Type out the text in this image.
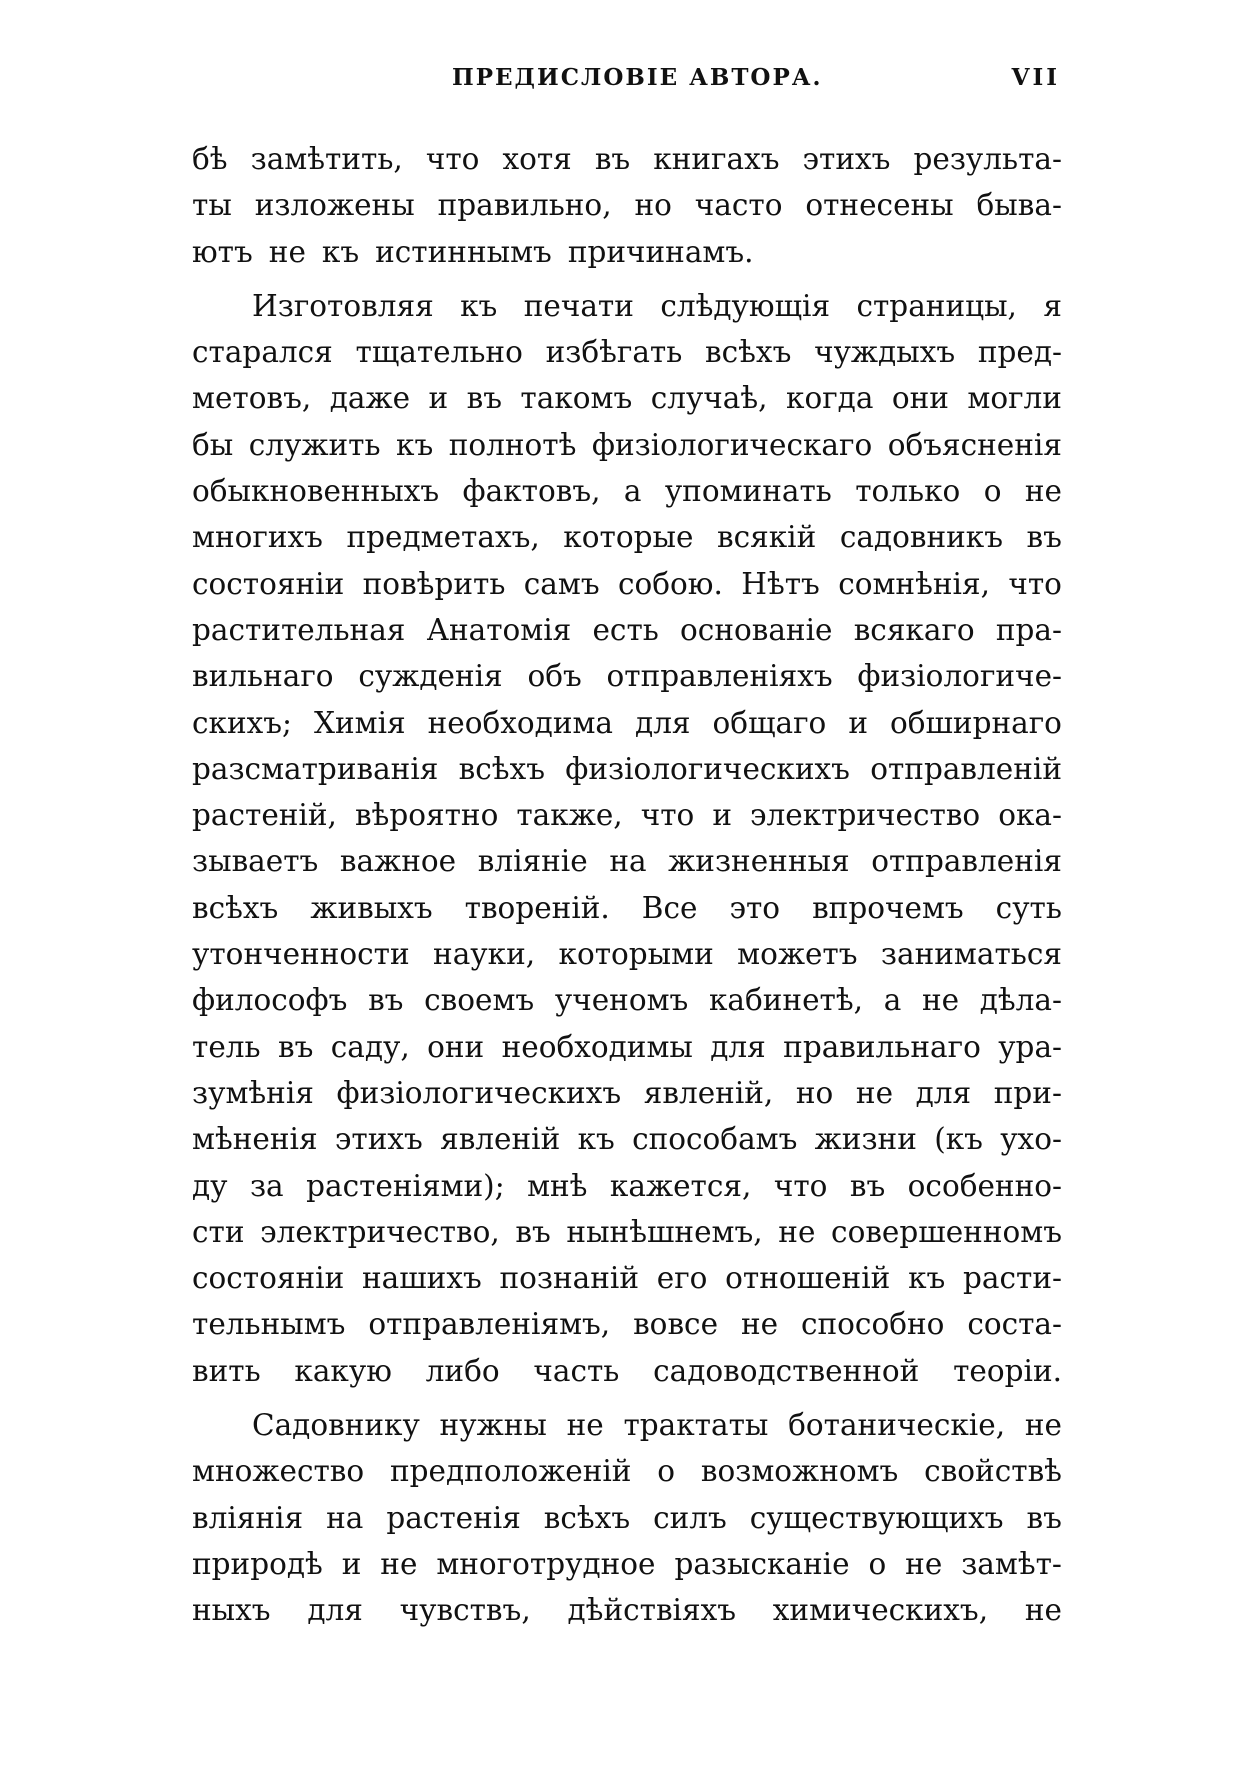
ПРЕДИСЛОВІЕ АВТОРА.	VII
бѣ замѣтить, что хотя въ книгахъ этихъ результа-
ты изложены правильно, но часто отнесены быва-
ютъ не къ истиннымъ причинамъ.
Изготовляя къ печати слѣдующія страницы, я
старался тщательно избѣгать всѣхъ чуждыхъ пред-
метовъ, даже и въ такомъ случаѣ, когда они могли
бы служить къ полнотѣ физіологическаго объясненія
обыкновенныхъ фактовъ, а упоминать только о не
многихъ предметахъ, которые всякій садовникъ въ
состояніи повѣрить самъ собою. Нѣтъ сомнѣнія, что
растительная Анатомія есть основаніе всякаго пра-
вильнаго сужденія объ отправленіяхъ физіологиче-
скихъ; Химія необходима для общаго и обширнаго
разсматриванія всѣхъ физіологическихъ отправленій
растеній, вѣроятно также, что и электричество ока-
зываетъ важное вліяніе на жизненныя отправленія
всѣхъ живыхъ твореній. Все это впрочемъ суть
утонченности науки, которыми можетъ заниматься
философъ въ своемъ ученомъ кабинетѣ, а не дѣла-
тель въ саду, они необходимы для правильнаго ура-
зумѣнія физіологическихъ явленій, но не для при-
мѣненія этихъ явленій къ способамъ жизни (къ ухо-
ду за растеніями); мнѣ кажется, что въ особенно-
сти электричество, въ нынѣшнемъ, не совершенномъ
состояніи нашихъ познаній его отношеній къ расти-
тельнымъ отправленіямъ, вовсе не способно соста-
вить какую либо часть садоводственной теоріи.
Садовнику нужны не трактаты ботаническіе, не
множество предположеній о возможномъ свойствѣ
вліянія на растенія всѣхъ силъ существующихъ въ
природѣ и не многотрудное разысканіе о не замѣт-
ныхъ для чувствъ, дѣйствіяхъ химическихъ, не
